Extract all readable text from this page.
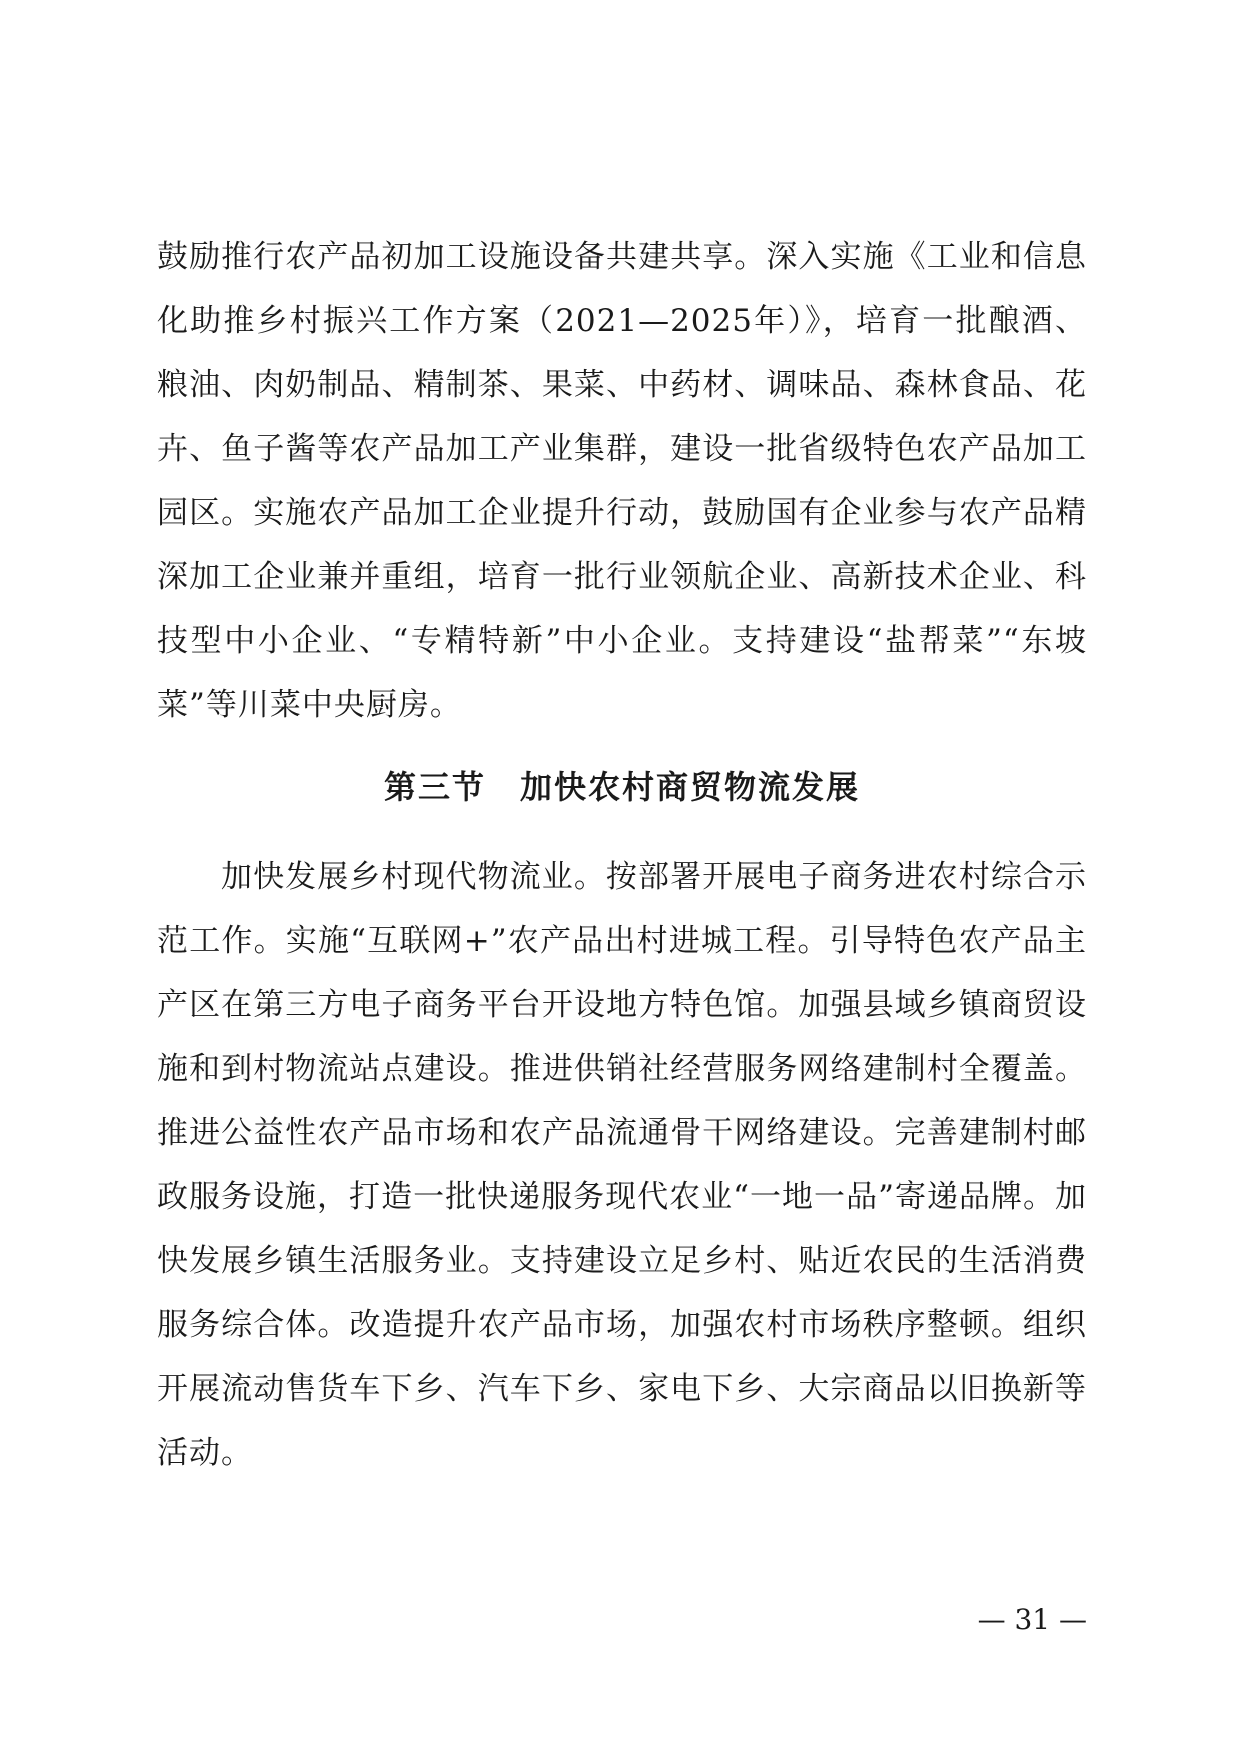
鼓励推行农产品初加工设施设备共建共享。深入实施《工业和信息化助推乡村振兴工作方案（2021—2025年）》，培育一批酿酒、粮油、肉奶制品、精制茶、果菜、中药材、调味品、森林食品、花卉、鱼子酱等农产品加工产业集群，建设一批省级特色农产品加工园区。实施农产品加工企业提升行动，鼓励国有企业参与农产品精深加工企业兼并重组，培育一批行业领航企业、高新技术企业、科技型中小企业、“专精特新”中小企业。支持建设“盐帮菜”“东坡菜”等川菜中央厨房。

第三节　加快农村商贸物流发展

加快发展乡村现代物流业。按部署开展电子商务进农村综合示范工作。实施“互联网+”农产品出村进城工程。引导特色农产品主产区在第三方电子商务平台开设地方特色馆。加强县域乡镇商贸设施和到村物流站点建设。推进供销社经营服务网络建制村全覆盖。推进公益性农产品市场和农产品流通骨干网络建设。完善建制村邮政服务设施，打造一批快递服务现代农业“一地一品”寄递品牌。加快发展乡镇生活服务业。支持建设立足乡村、贴近农民的生活消费服务综合体。改造提升农产品市场，加强农村市场秩序整顿。组织开展流动售货车下乡、汽车下乡、家电下乡、大宗商品以旧换新等活动。

— 31 —
